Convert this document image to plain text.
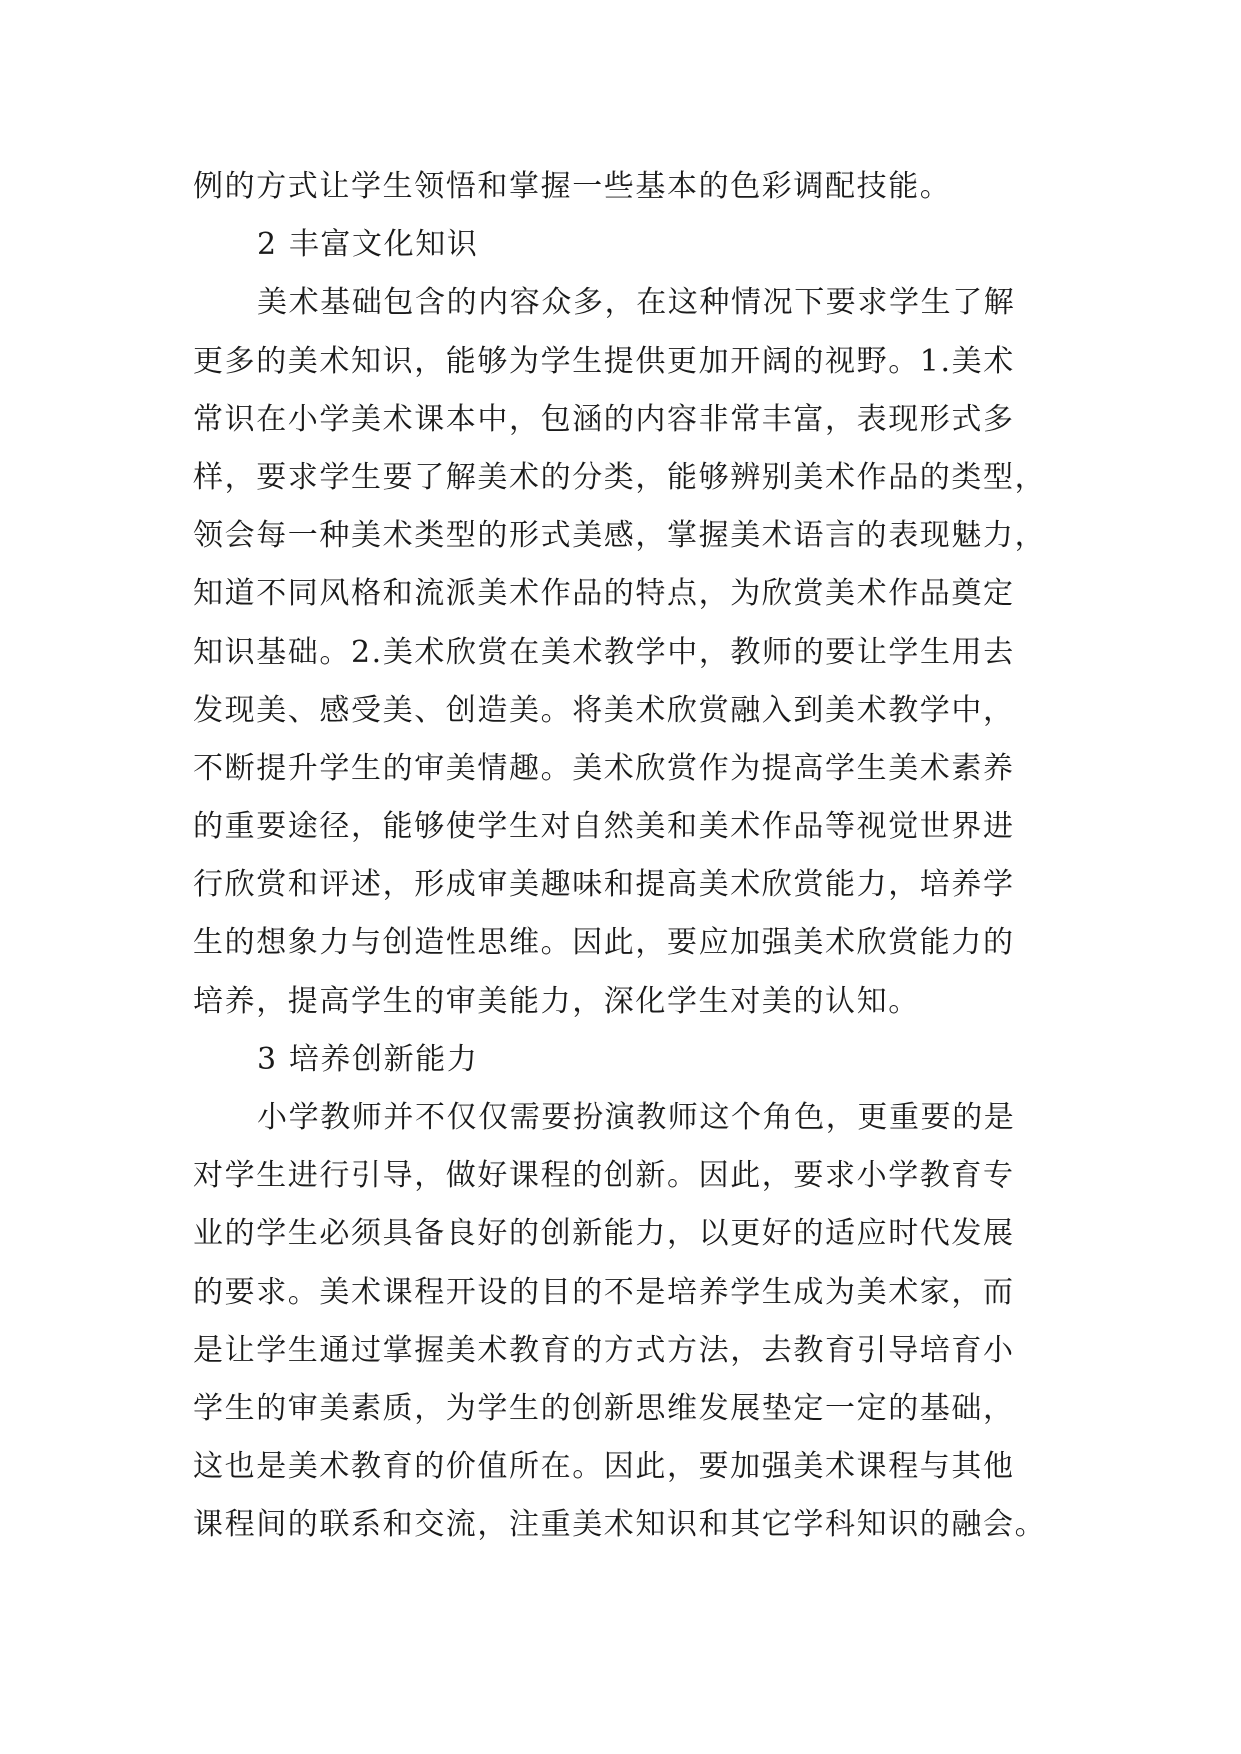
例的方式让学生领悟和掌握一些基本的色彩调配技能。
2 丰富文化知识
美术基础包含的内容众多，在这种情况下要求学生了解
更多的美术知识，能够为学生提供更加开阔的视野。1.美术
常识在小学美术课本中，包涵的内容非常丰富，表现形式多
样，要求学生要了解美术的分类，能够辨别美术作品的类型，
领会每一种美术类型的形式美感，掌握美术语言的表现魅力，
知道不同风格和流派美术作品的特点，为欣赏美术作品奠定
知识基础。2.美术欣赏在美术教学中，教师的要让学生用去
发现美、感受美、创造美。将美术欣赏融入到美术教学中，
不断提升学生的审美情趣。美术欣赏作为提高学生美术素养
的重要途径，能够使学生对自然美和美术作品等视觉世界进
行欣赏和评述，形成审美趣味和提高美术欣赏能力，培养学
生的想象力与创造性思维。因此，要应加强美术欣赏能力的
培养，提高学生的审美能力，深化学生对美的认知。
3 培养创新能力
小学教师并不仅仅需要扮演教师这个角色，更重要的是
对学生进行引导，做好课程的创新。因此，要求小学教育专
业的学生必须具备良好的创新能力，以更好的适应时代发展
的要求。美术课程开设的目的不是培养学生成为美术家，而
是让学生通过掌握美术教育的方式方法，去教育引导培育小
学生的审美素质，为学生的创新思维发展垫定一定的基础，
这也是美术教育的价值所在。因此，要加强美术课程与其他
课程间的联系和交流，注重美术知识和其它学科知识的融会。
